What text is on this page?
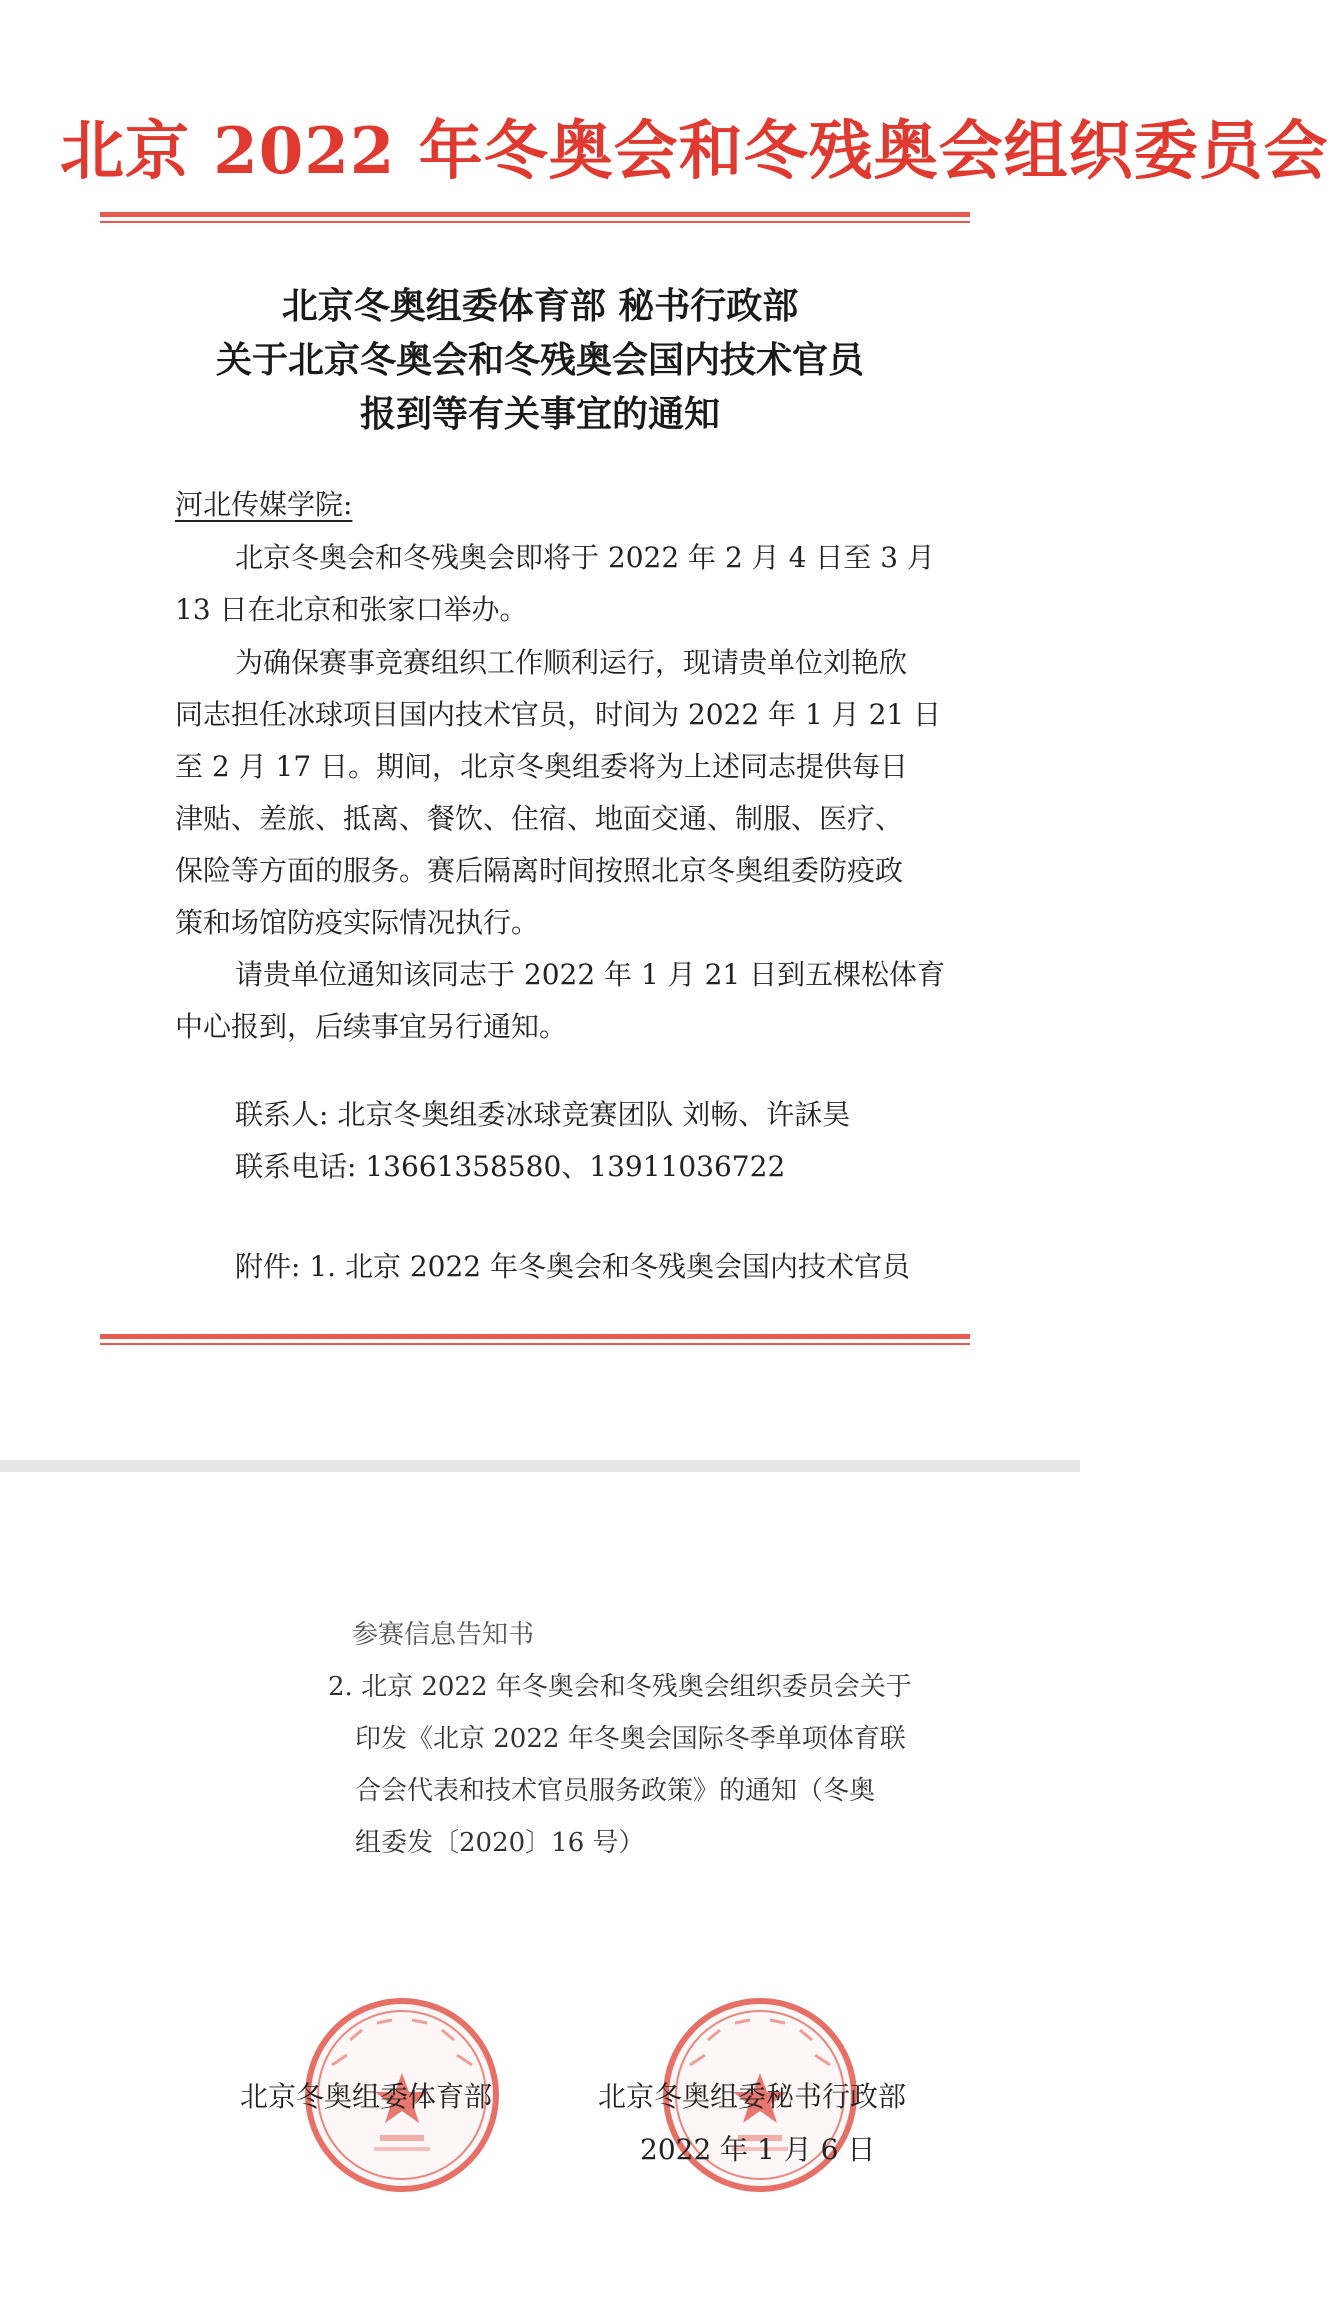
北京 2022 年冬奥会和冬残奥会组织委员会
北京冬奥组委体育部 秘书行政部
关于北京冬奥会和冬残奥会国内技术官员
报到等有关事宜的通知
河北传媒学院:
北京冬奥会和冬残奥会即将于 2022 年 2 月 4 日至 3 月
13 日在北京和张家口举办。
为确保赛事竞赛组织工作顺利运行，现请贵单位刘艳欣
同志担任冰球项目国内技术官员，时间为 2022 年 1 月 21 日
至 2 月 17 日。期间，北京冬奥组委将为上述同志提供每日
津贴、差旅、抵离、餐饮、住宿、地面交通、制服、医疗、
保险等方面的服务。赛后隔离时间按照北京冬奥组委防疫政
策和场馆防疫实际情况执行。
请贵单位通知该同志于 2022 年 1 月 21 日到五棵松体育
中心报到，后续事宜另行通知。
联系人: 北京冬奥组委冰球竞赛团队 刘畅、许訸昊
联系电话: 13661358580、13911036722
附件: 1. 北京 2022 年冬奥会和冬残奥会国内技术官员
参赛信息告知书
2. 北京 2022 年冬奥会和冬残奥会组织委员会关于
印发《北京 2022 年冬奥会国际冬季单项体育联
合会代表和技术官员服务政策》的通知（冬奥
组委发〔2020〕16 号）
北京冬奥组委体育部	北京冬奥组委秘书行政部
2022 年 1 月 6 日
